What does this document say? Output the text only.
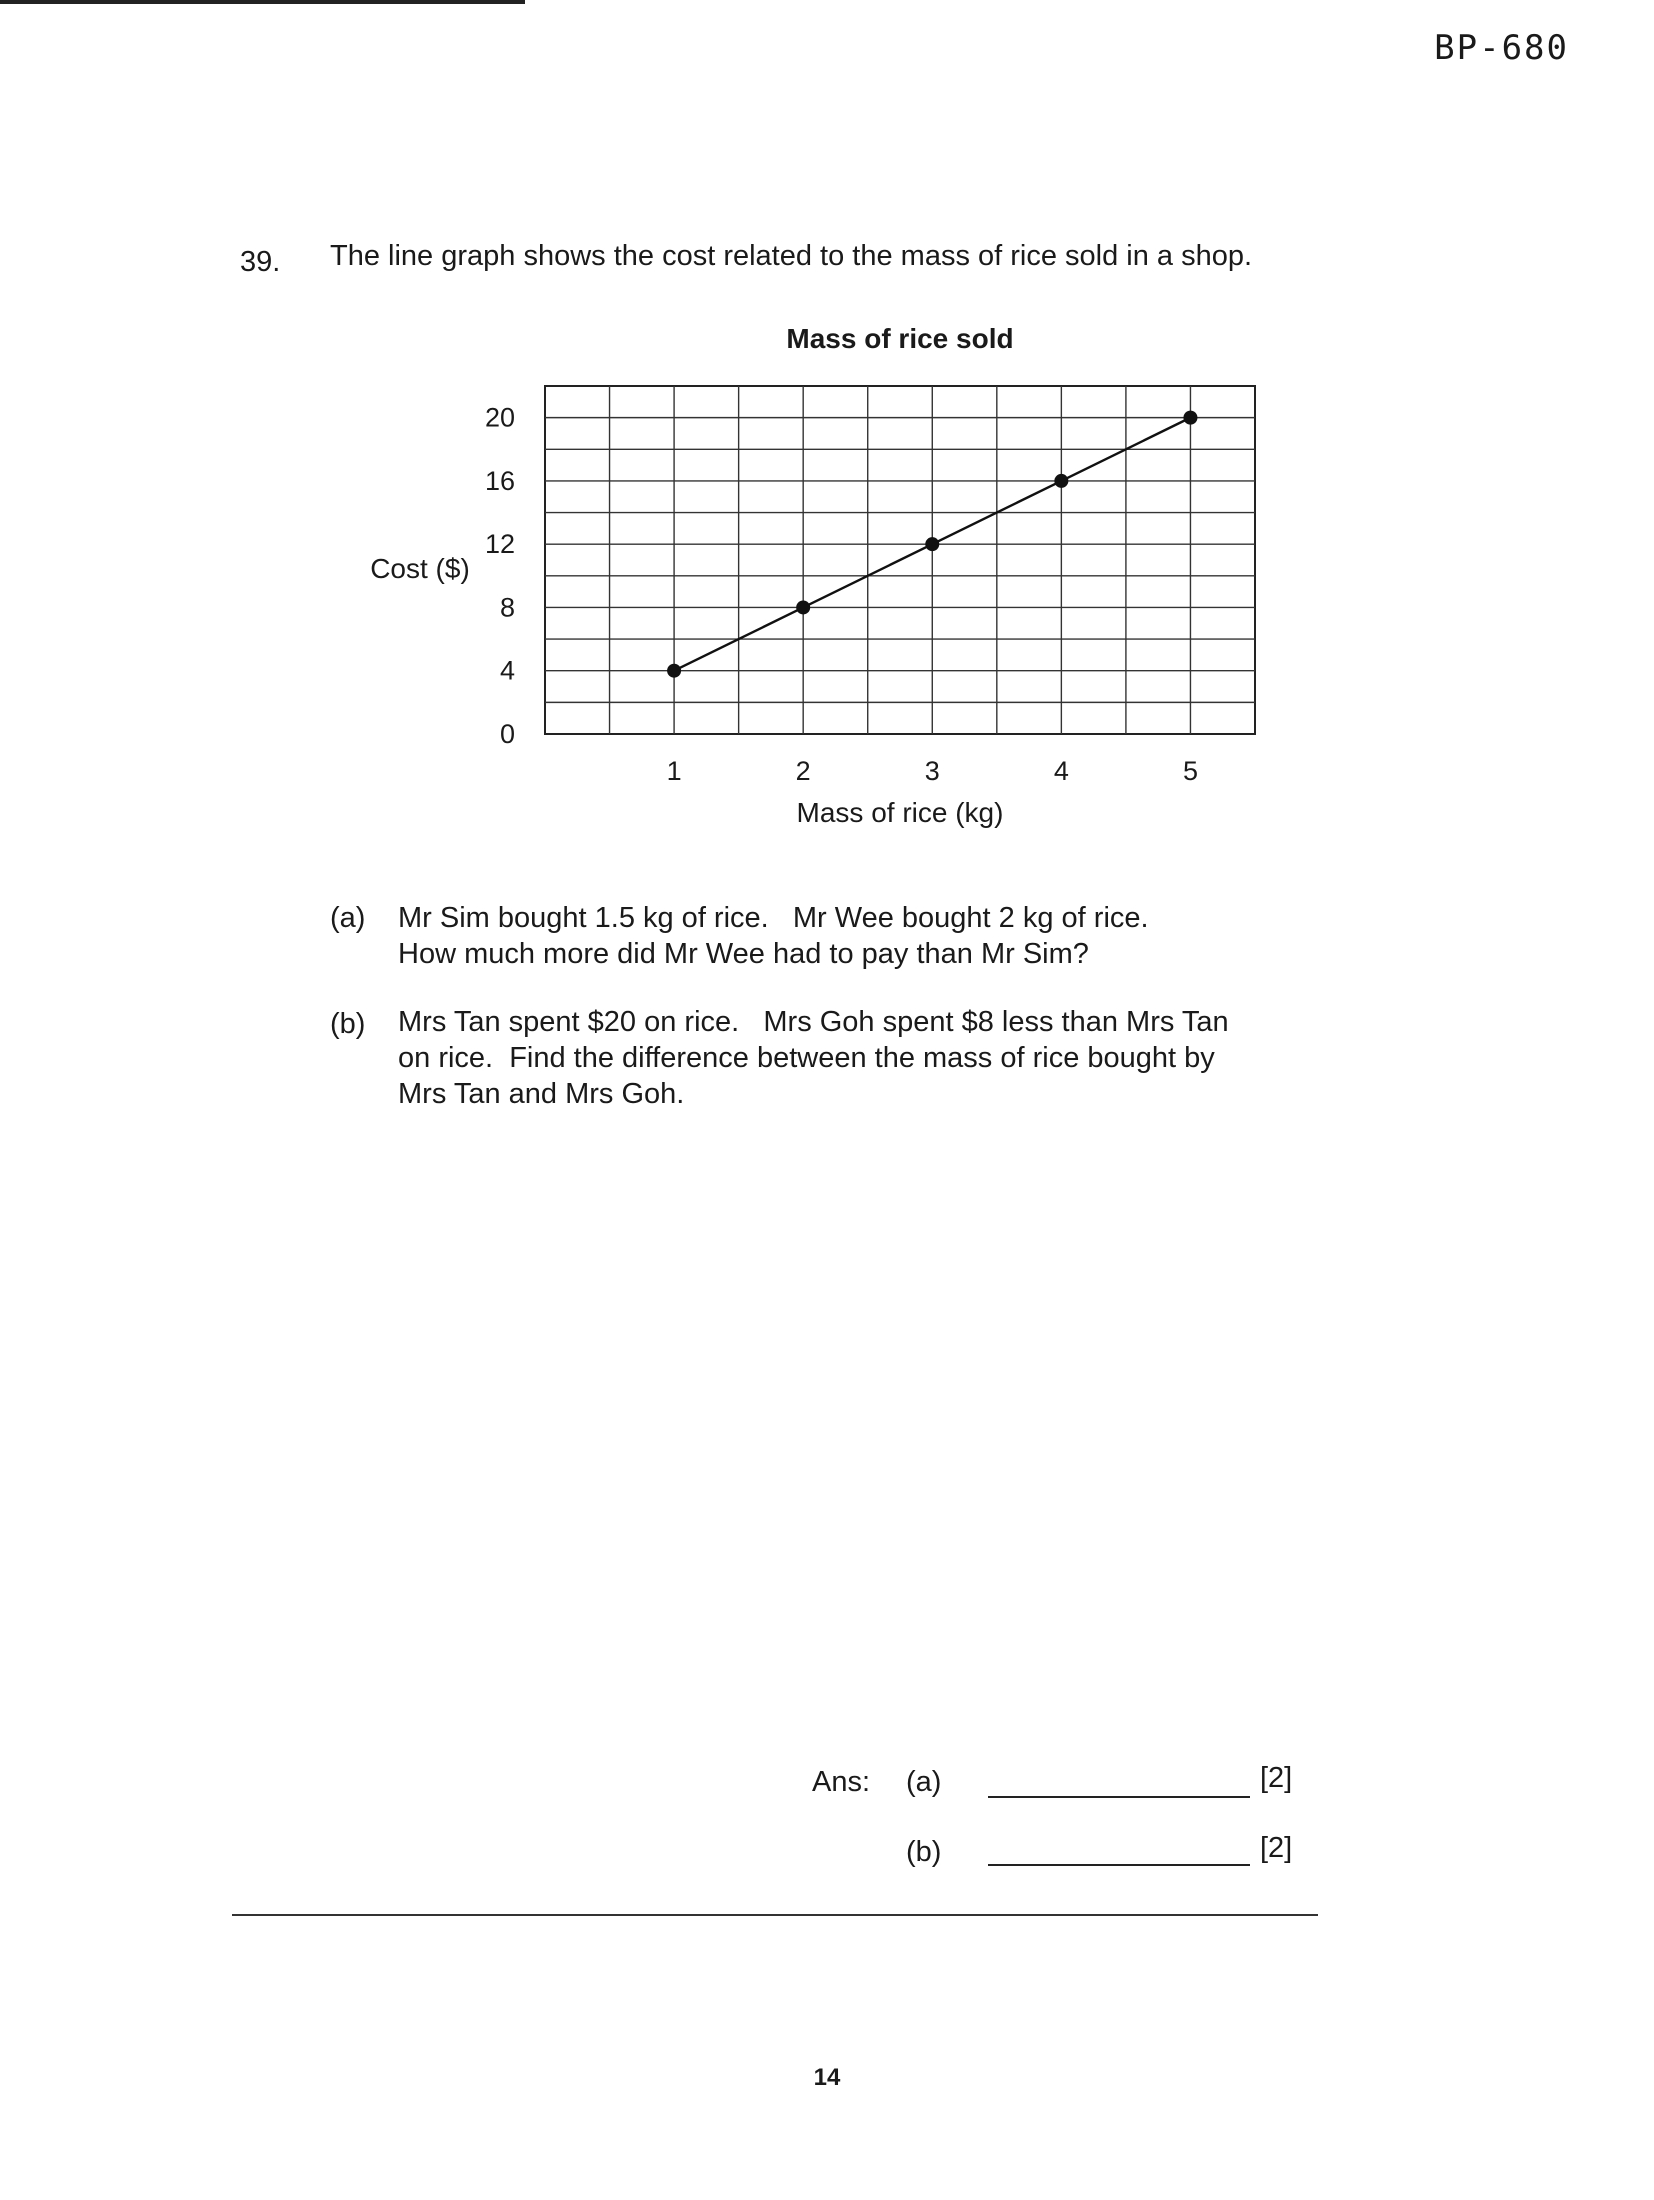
BP-680
39. The line graph shows the cost related to the mass of rice sold in a shop.
Mass of rice sold
0
4
8
12
16
20
1	2	3	4	5
Cost ($)
Mass of rice (kg)
(a) Mr Sim bought 1.5 kg of rice.   Mr Wee bought 2 kg of rice.
How much more did Mr Wee had to pay than Mr Sim?
(b) Mrs Tan spent $20 on rice.   Mrs Goh spent $8 less than Mrs Tan
on rice.  Find the difference between the mass of rice bought by
Mrs Tan and Mrs Goh.
Ans: (a)	[2]
(b)	[2]
14
